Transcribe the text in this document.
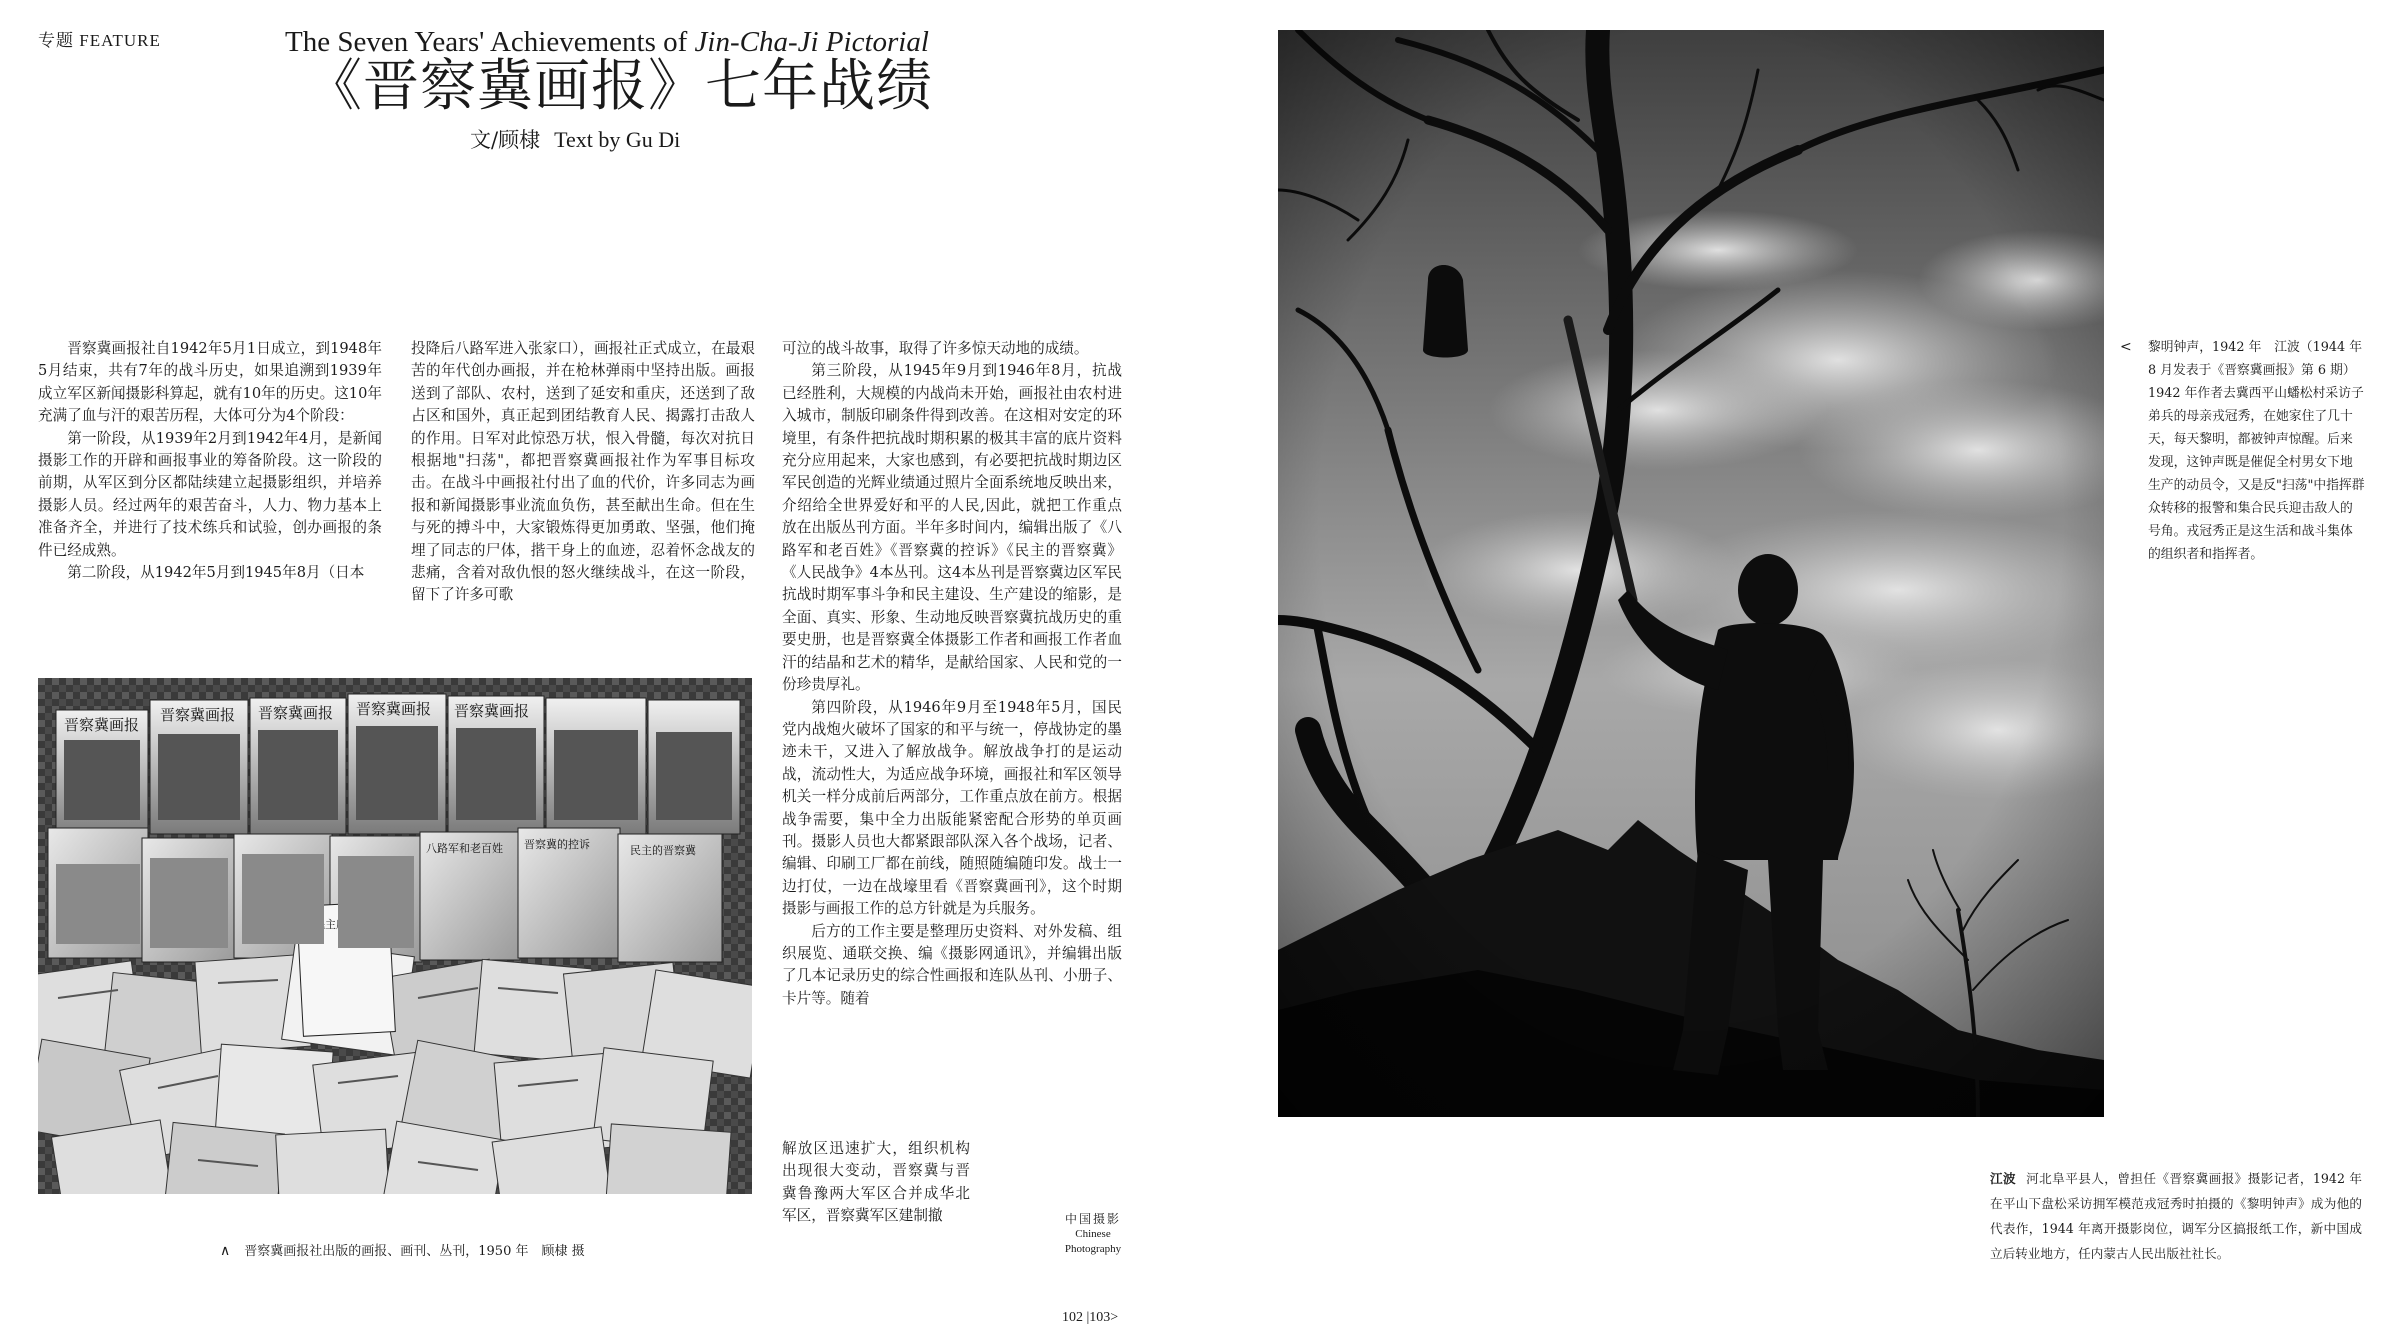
专题 FEATURE	The Seven Years' Achievements of Jin-Cha-Ji Pictorial
《晋察冀画报》七年战绩
文/顾棣 Text by Gu Di

晋察冀画报社自1942年5月1日成立，到1948年5月结束，共有7年的战斗历史，如果追溯到1939年成立军区新闻摄影科算起，就有10年的历史。这10年充满了血与汗的艰苦历程，大体可分为4个阶段：

第一阶段，从1939年2月到1942年4月，是新闻摄影工作的开辟和画报事业的筹备阶段。这一阶段的前期，从军区到分区都陆续建立起摄影组织，并培养摄影人员。经过两年的艰苦奋斗，人力、物力基本上准备齐全，并进行了技术练兵和试验，创办画报的条件已经成熟。

第二阶段，从1942年5月到1945年8月（日本

投降后八路军进入张家口），画报社正式成立，在最艰苦的年代创办画报，并在枪林弹雨中坚持出版。画报送到了部队、农村，送到了延安和重庆，还送到了敌占区和国外，真正起到团结教育人民、揭露打击敌人的作用。日军对此惊恐万状，恨入骨髓，每次对抗日根据地"扫荡"，都把晋察冀画报社作为军事目标攻击。在战斗中画报社付出了血的代价，许多同志为画报和新闻摄影事业流血负伤，甚至献出生命。但在生与死的搏斗中，大家锻炼得更加勇敢、坚强，他们掩埋了同志的尸体，揩干身上的血迹，忍着怀念战友的悲痛，含着对敌仇恨的怒火继续战斗，在这一阶段，留下了许多可歌

可泣的战斗故事，取得了许多惊天动地的成绩。

第三阶段，从1945年9月到1946年8月，抗战已经胜利，大规模的内战尚未开始，画报社由农村进入城市，制版印刷条件得到改善。在这相对安定的环境里，有条件把抗战时期积累的极其丰富的底片资料充分应用起来，大家也感到，有必要把抗战时期边区军民创造的光辉业绩通过照片全面系统地反映出来，介绍给全世界爱好和平的人民,因此，就把工作重点放在出版丛刊方面。半年多时间内，编辑出版了《八路军和老百姓》《晋察冀的控诉》《民主的晋察冀》《人民战争》4本丛刊。这4本丛刊是晋察冀边区军民抗战时期军事斗争和民主建设、生产建设的缩影，是全面、真实、形象、生动地反映晋察冀抗战历史的重要史册，也是晋察冀全体摄影工作者和画报工作者血汗的结晶和艺术的精华，是献给国家、人民和党的一份珍贵厚礼。

第四阶段，从1946年9月至1948年5月，国民党内战炮火破坏了国家的和平与统一，停战协定的墨迹未干，又进入了解放战争。解放战争打的是运动战，流动性大，为适应战争环境，画报社和军区领导机关一样分成前后两部分，工作重点放在前方。根据战争需要，集中全力出版能紧密配合形势的单页画刊。摄影人员也大都紧跟部队深入各个战场，记者、编辑、印刷工厂都在前线，随照随编随印发。战士一边打仗，一边在战壕里看《晋察冀画刊》，这个时期摄影与画报工作的总方针就是为兵服务。

后方的工作主要是整理历史资料、对外发稿、组织展览、通联交换、编《摄影网通讯》，并编辑出版了几本记录历史的综合性画报和连队丛刊、小册子、卡片等。随着

解放区迅速扩大，组织机构出现很大变动，晋察冀与晋冀鲁豫两大军区合并成华北军区，晋察冀军区建制撤

晋察冀画报
晋察冀画报 晋察冀画报 晋察冀画报 晋察冀画报
八路军和老百姓 晋察冀的控诉	民主的晋察冀
∧ 晋察冀画报社出版的画报、画刊、丛刊，1950 年　顾棣 摄
中国摄影
Chinese
Photography
102 |103>
< 黎明钟声，1942 年　江波（1944 年 8 月发表于《晋察冀画报》第 6 期）

1942 年作者去冀西平山蟠松村采访子弟兵的母亲戎冠秀，在她家住了几十天，每天黎明，都被钟声惊醒。后来发现，这钟声既是催促全村男女下地生产的动员令，又是反"扫荡"中指挥群众转移的报警和集合民兵迎击敌人的号角。戎冠秀正是这生活和战斗集体的组织者和指挥者。

江波 河北阜平县人，曾担任《晋察冀画报》摄影记者，1942 年在平山下盘松采访拥军模范戎冠秀时拍摄的《黎明钟声》成为他的代表作，1944 年离开摄影岗位，调军分区搞报纸工作，新中国成立后转业地方，任内蒙古人民出版社社长。
